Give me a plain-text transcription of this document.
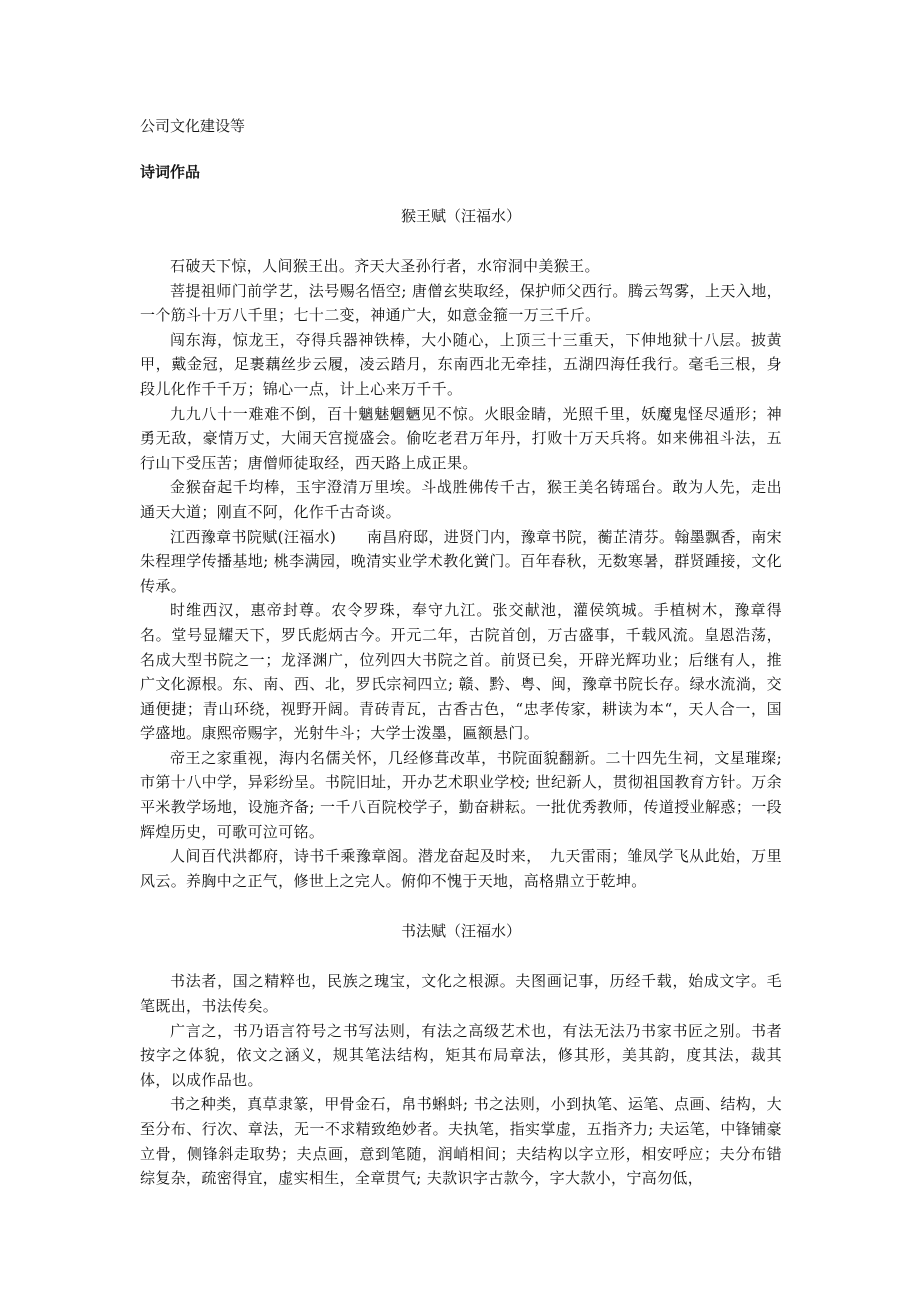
公司文化建设等
诗词作品
猴王赋（汪福水）

石破天下惊，人间猴王出。齐天大圣孙行者，水帘洞中美猴王。

菩提祖师门前学艺，法号赐名悟空; 唐僧玄奘取经，保护师父西行。腾云驾雾，上天入地，一个筋斗十万八千里；七十二变，神通广大，如意金箍一万三千斤。

闯东海，惊龙王，夺得兵器神铁棒，大小随心，上顶三十三重天，下伸地狱十八层。披黄甲，戴金冠，足裹藕丝步云履，凌云踏月，东南西北无牵挂，五湖四海任我行。毫毛三根，身段儿化作千千万；锦心一点，计上心来万千千。

九九八十一难难不倒，百十魑魅魍魉见不惊。火眼金睛，光照千里，妖魔鬼怪尽遁形；神勇无敌，豪情万丈，大闹天宫搅盛会。偷吃老君万年丹，打败十万天兵将。如来佛祖斗法，五行山下受压苦；唐僧师徒取经，西天路上成正果。

金猴奋起千均棒，玉宇澄清万里埃。斗战胜佛传千古，猴王美名铸瑶台。敢为人先，走出通天大道；刚直不阿，化作千古奇谈。

江西豫章书院赋(汪福水)　　南昌府邸，进贤门内，豫章书院，蘅芷清芬。翰墨飘香，南宋朱程理学传播基地; 桃李满园，晚清实业学术教化黉门。百年春秋，无数寒暑，群贤踵接，文化传承。

时维西汉，惠帝封尊。农令罗珠，奉守九江。张交献池，灌侯筑城。手植树木，豫章得名。堂号显耀天下，罗氏彪炳古今。开元二年，古院首创，万古盛事，千载风流。皇恩浩荡，名成大型书院之一；龙泽渊广，位列四大书院之首。前贤已矣，开辟光辉功业；后继有人，推广文化源根。东、南、西、北，罗氏宗祠四立; 赣、黔、粤、闽，豫章书院长存。绿水流淌，交通便捷；青山环绕，视野开阔。青砖青瓦，古香古色，“忠孝传家，耕读为本“，天人合一，国学盛地。康熙帝赐字，光射牛斗；大学士泼墨，匾额悬门。

帝王之家重视，海内名儒关怀，几经修葺改革，书院面貌翻新。二十四先生祠，文星璀璨; 市第十八中学，异彩纷呈。书院旧址，开办艺术职业学校; 世纪新人，贯彻祖国教育方针。万余平米教学场地，设施齐备; 一千八百院校学子，勤奋耕耘。一批优秀教师，传道授业解惑；一段辉煌历史，可歌可泣可铭。

人间百代洪都府，诗书千乘豫章阁。潜龙奋起及时来，　九天雷雨；雏凤学飞从此始，万里风云。养胸中之正气，修世上之完人。俯仰不愧于天地，高格鼎立于乾坤。

书法赋（汪福水）

书法者，国之精粹也，民族之瑰宝，文化之根源。夫图画记事，历经千载，始成文字。毛笔既出，书法传矣。

广言之，书乃语言符号之书写法则，有法之高级艺术也，有法无法乃书家书匠之别。书者按字之体貌，依文之涵义，规其笔法结构，矩其布局章法，修其形，美其韵，度其法，裁其体，以成作品也。

书之种类，真草隶篆，甲骨金石，帛书蝌蚪; 书之法则，小到执笔、运笔、点画、结构，大至分布、行次、章法，无一不求精致绝妙者。夫执笔，指实掌虚，五指齐力; 夫运笔，中锋铺豪立骨，侧锋斜走取势；夫点画，意到笔随，润峭相间；夫结构以字立形，相安呼应；夫分布错综复杂，疏密得宜，虚实相生，全章贯气; 夫款识字古款今，字大款小，宁高勿低，
